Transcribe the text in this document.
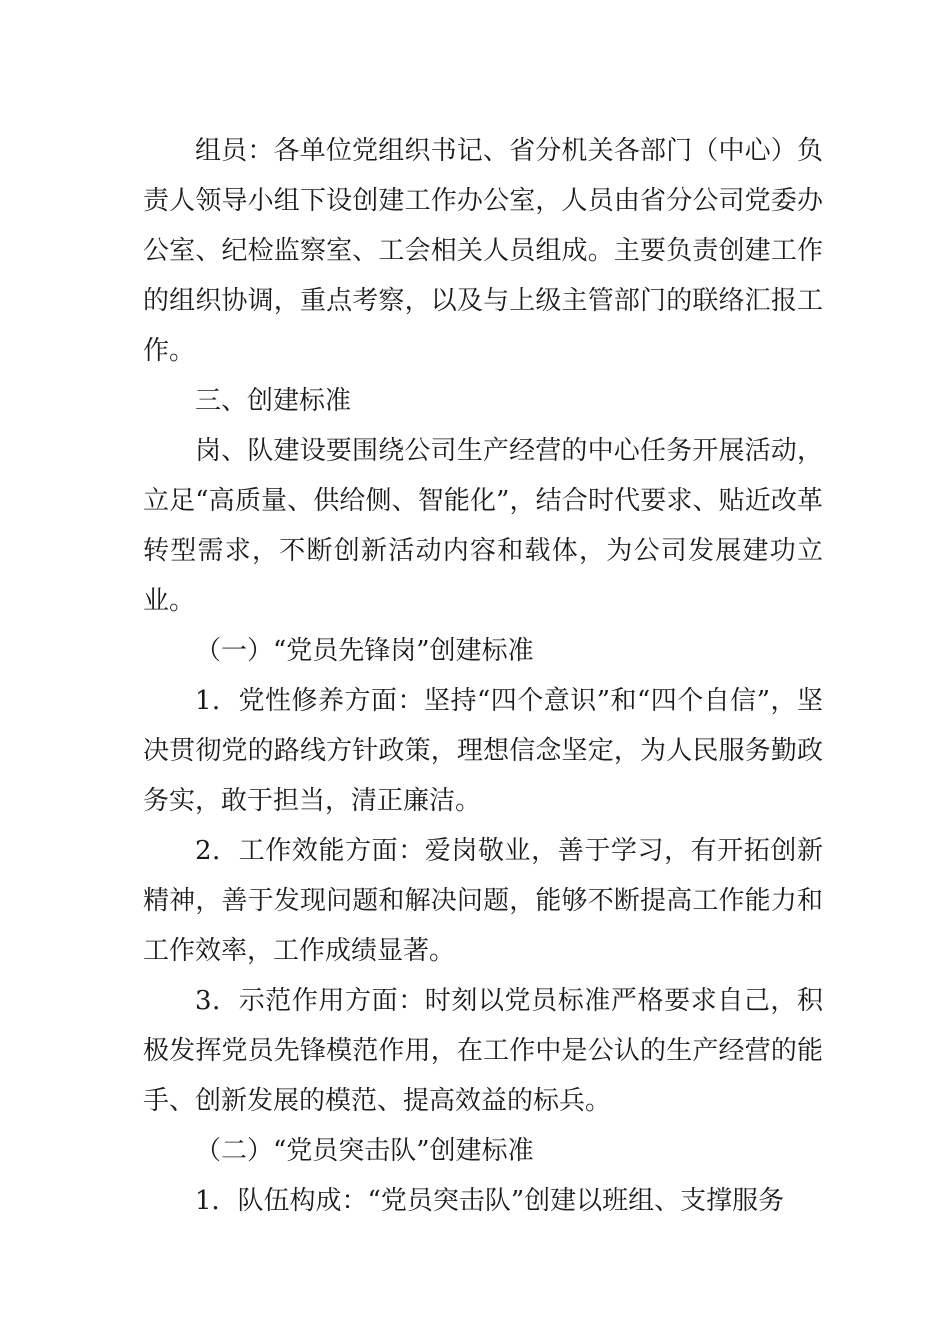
组员：各单位党组织书记、省分机关各部门（中心）负责人领导小组下设创建工作办公室，人员由省分公司党委办公室、纪检监察室、工会相关人员组成。主要负责创建工作的组织协调，重点考察，以及与上级主管部门的联络汇报工作。

三、创建标准

岗、队建设要围绕公司生产经营的中心任务开展活动，立足“高质量、供给侧、智能化”，结合时代要求、贴近改革转型需求，不断创新活动内容和载体，为公司发展建功立业。

（一）“党员先锋岗”创建标准

1．党性修养方面：坚持“四个意识”和“四个自信”，坚决贯彻党的路线方针政策，理想信念坚定，为人民服务勤政务实，敢于担当，清正廉洁。

2．工作效能方面：爱岗敬业，善于学习，有开拓创新精神，善于发现问题和解决问题，能够不断提高工作能力和工作效率，工作成绩显著。

3．示范作用方面：时刻以党员标准严格要求自己，积极发挥党员先锋模范作用，在工作中是公认的生产经营的能手、创新发展的模范、提高效益的标兵。

（二）“党员突击队”创建标准

1．队伍构成：“党员突击队”创建以班组、支撑服务
